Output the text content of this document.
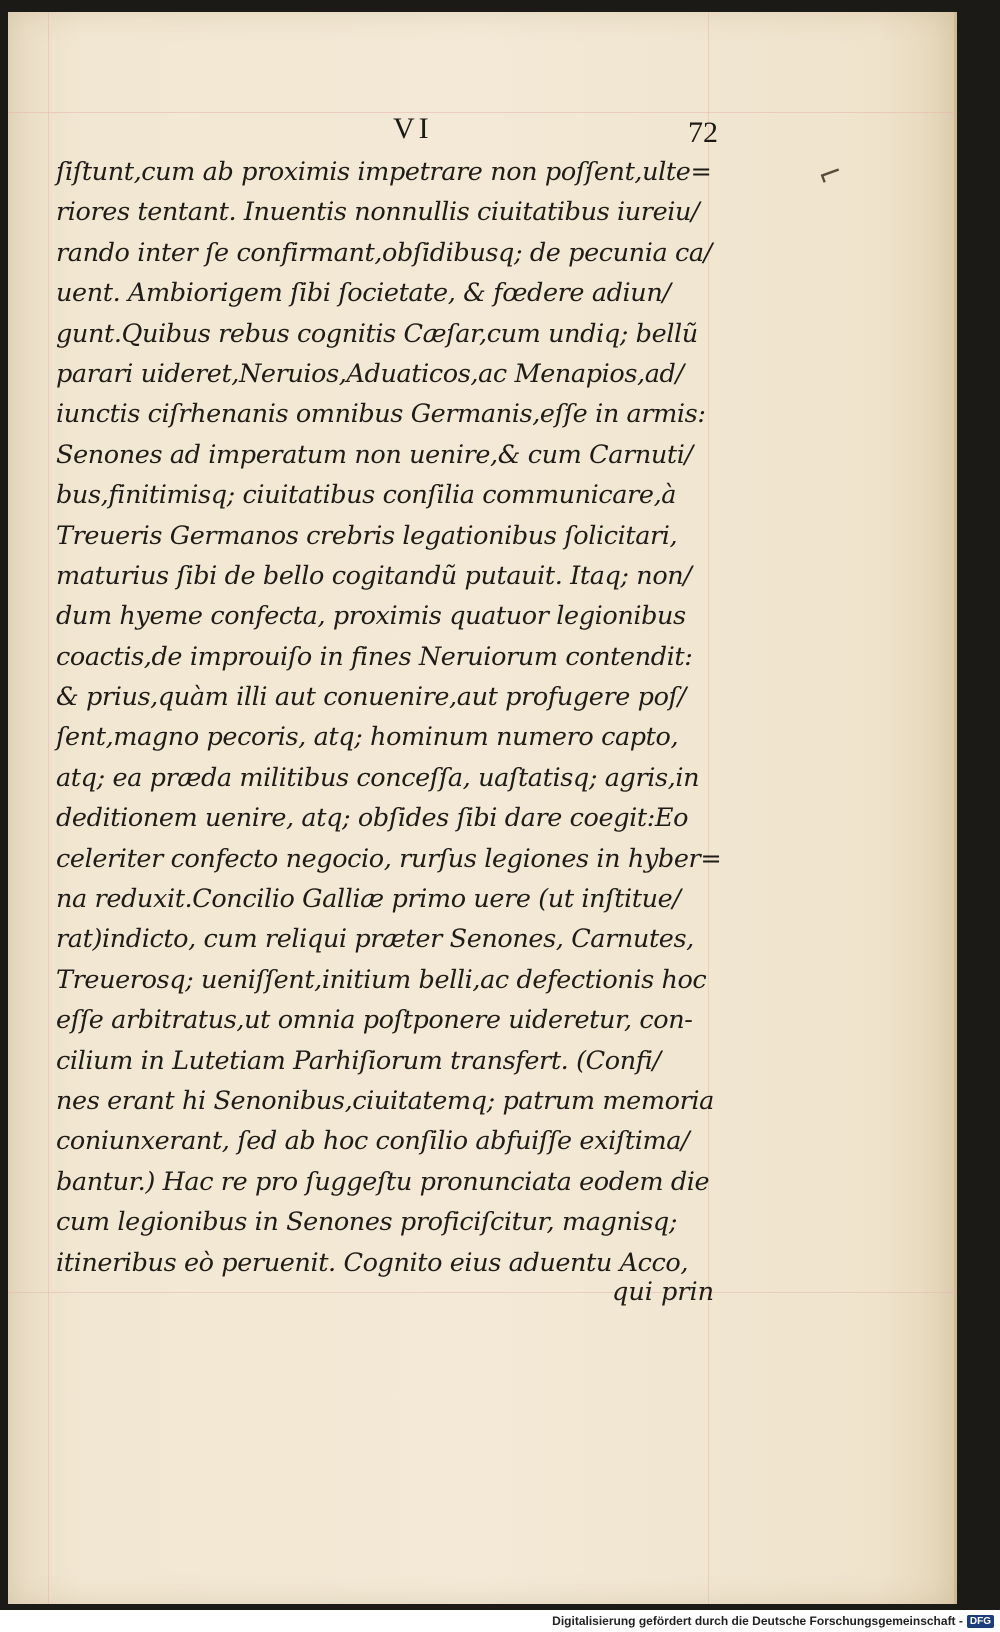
VI	72
⌐
ſiſtunt,cum ab proximis impetrare non poſſent,ulte=
riores tentant. Inuentis nonnullis ciuitatibus iureiu/
rando inter ſe confirmant,obſidibusq; de pecunia ca/
uent. Ambiorigem ſibi ſocietate, & fœdere adiun/
gunt.Quibus rebus cognitis Cæſar,cum undiq; bellũ
parari uideret,Neruios,Aduaticos,ac Menapios,ad/
iunctis ciſrhenanis omnibus Germanis,eſſe in armis:
Senones ad imperatum non uenire,& cum Carnuti/
bus,finitimisq; ciuitatibus conſilia communicare,à
Treueris Germanos crebris legationibus ſolicitari,
maturius ſibi de bello cogitandũ putauit. Itaq; non/
dum hyeme confecta, proximis quatuor legionibus
coactis,de improuiſo in fines Neruiorum contendit:
& prius,quàm illi aut conuenire,aut profugere poſ/
ſent,magno pecoris, atq; hominum numero capto,
atq; ea præda militibus conceſſa, uaſtatisq; agris,in
deditionem uenire, atq; obſides ſibi dare coegit:Eo
celeriter confecto negocio, rurſus legiones in hyber=
na reduxit.Concilio Galliæ primo uere (ut inſtitue/
rat)indicto, cum reliqui præter Senones, Carnutes,
Treuerosq; ueniſſent,initium belli,ac defectionis hoc
eſſe arbitratus,ut omnia poſtponere uideretur, con-
cilium in Lutetiam Parhiſiorum transfert. (Confi/
nes erant hi Senonibus,ciuitatemq; patrum memoria
coniunxerant, ſed ab hoc conſilio abfuiſſe exiſtima/
bantur.) Hac re pro ſuggeſtu pronunciata eodem die
cum legionibus in Senones proficiſcitur, magnisq;
itineribus eò peruenit. Cognito eius aduentu Acco,
qui prin
Digitalisierung gefördert durch die Deutsche Forschungsgemeinschaft - DFG
